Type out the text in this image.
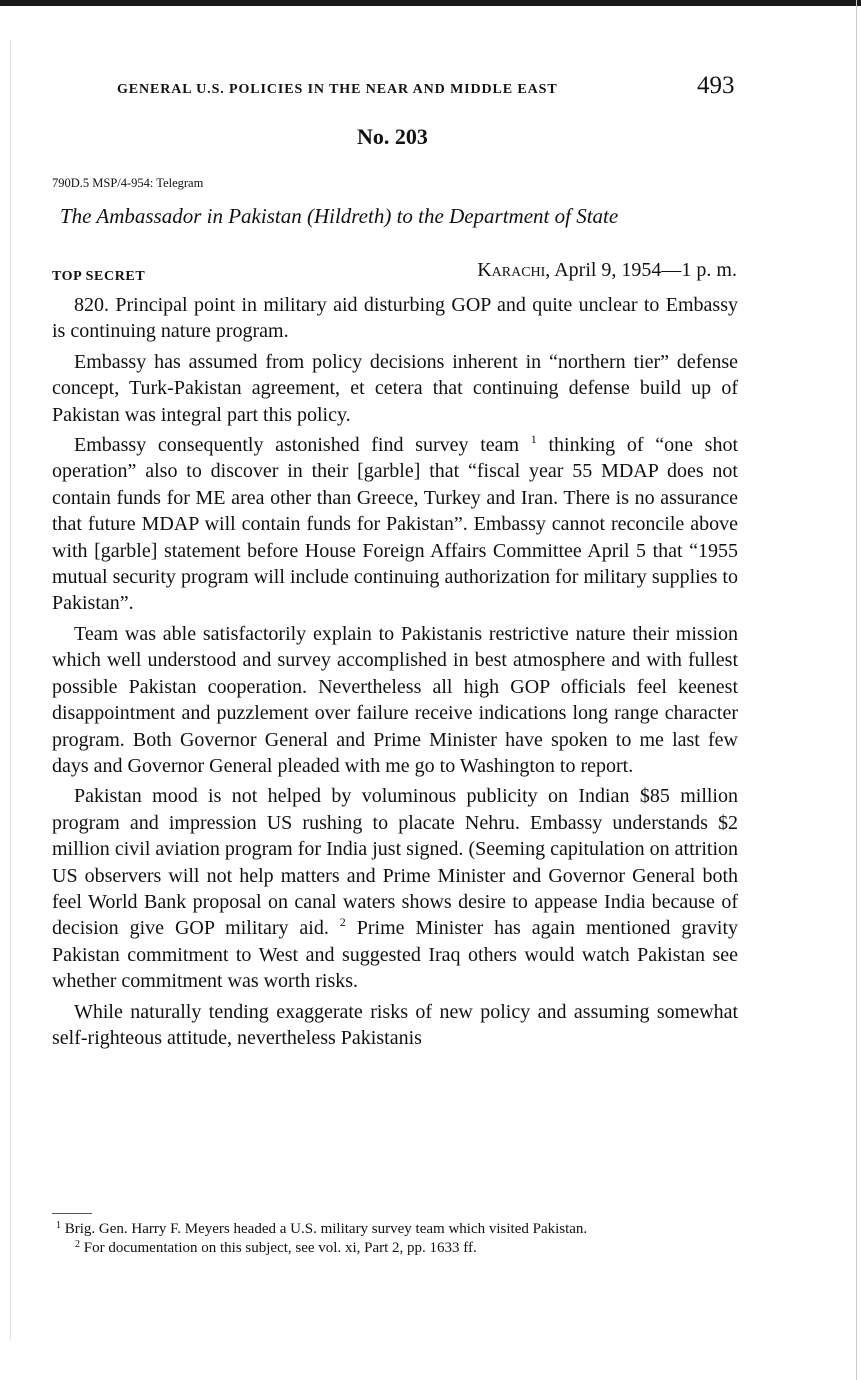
GENERAL U.S. POLICIES IN THE NEAR AND MIDDLE EAST	493
No. 203
790D.5 MSP/4-954: Telegram
The Ambassador in Pakistan (Hildreth) to the Department of State
TOP SECRET	Karachi, April 9, 1954—1 p. m.

820. Principal point in military aid disturbing GOP and quite unclear to Embassy is continuing nature program.

Embassy has assumed from policy decisions inherent in “northern tier” defense concept, Turk-Pakistan agreement, et cetera that continuing defense build up of Pakistan was integral part this policy.

Embassy consequently astonished find survey team $^1$ thinking of “one shot operation” also to discover in their [garble] that “fiscal year 55 MDAP does not contain funds for ME area other than Greece, Turkey and Iran. There is no assurance that future MDAP will contain funds for Pakistan”. Embassy cannot reconcile above with [garble] statement before House Foreign Affairs Committee April 5 that “1955 mutual security program will include continuing authorization for military supplies to Pakistan”.

Team was able satisfactorily explain to Pakistanis restrictive nature their mission which well understood and survey accomplished in best atmosphere and with fullest possible Pakistan cooperation. Nevertheless all high GOP officials feel keenest disappointment and puzzlement over failure receive indications long range character program. Both Governor General and Prime Minister have spoken to me last few days and Governor General pleaded with me go to Washington to report.

Pakistan mood is not helped by voluminous publicity on Indian $85 million program and impression US rushing to placate Nehru. Embassy understands $2 million civil aviation program for India just signed. (Seeming capitulation on attrition US observers will not help matters and Prime Minister and Governor General both feel World Bank proposal on canal waters shows desire to appease India because of decision give GOP military aid. $^2$ Prime Minister has again mentioned gravity Pakistan commitment to West and suggested Iraq others would watch Pakistan see whether commitment was worth risks.

While naturally tending exaggerate risks of new policy and assuming somewhat self-righteous attitude, nevertheless Pakistanis

$^1$ Brig. Gen. Harry F. Meyers headed a U.S. military survey team which visited Pakistan.

$^2$ For documentation on this subject, see vol. xi, Part 2, pp. 1633 ff.
